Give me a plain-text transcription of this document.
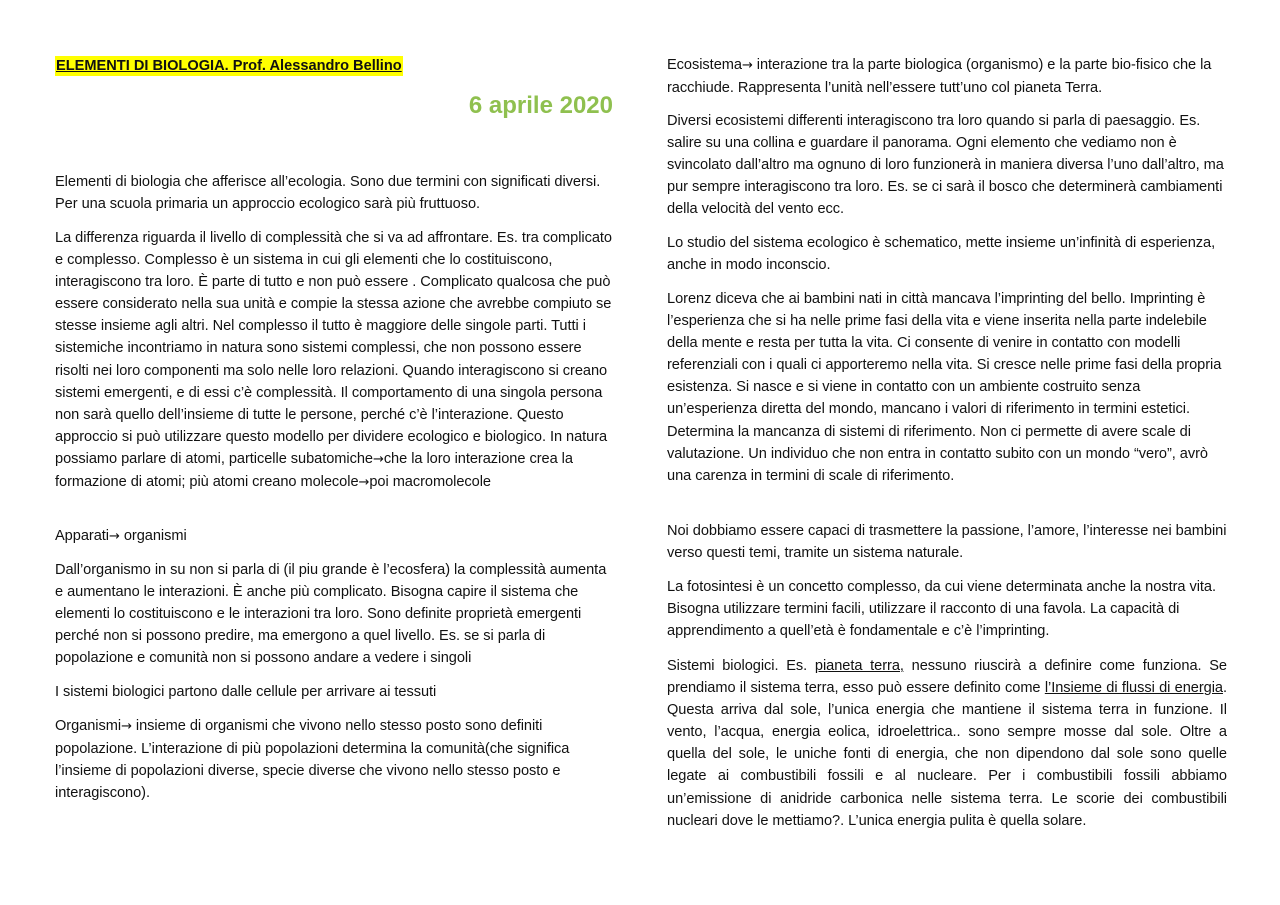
ELEMENTI DI BIOLOGIA. Prof. Alessandro Bellino
6 aprile 2020

Elementi di biologia che afferisce all’ecologia. Sono due termini con significati diversi. Per una scuola primaria un approccio ecologico sarà più fruttuoso.

La differenza riguarda il livello di complessità che si va ad affrontare. Es. tra complicato e complesso. Complesso è un sistema in cui gli elementi che lo costituiscono, interagiscono tra loro. È parte di tutto e non può essere . Complicato qualcosa che può essere considerato nella sua unità e compie la stessa azione che avrebbe compiuto se stesse insieme agli altri. Nel complesso il tutto è maggiore delle singole parti. Tutti i sistemiche incontriamo in natura sono sistemi complessi, che non possono essere risolti nei loro componenti ma solo nelle loro relazioni. Quando interagiscono si creano sistemi emergenti, e di essi c’è complessità. Il comportamento di una singola persona non sarà quello dell’insieme di tutte le persone, perché c’è l’interazione. Questo approccio si può utilizzare questo modello per dividere ecologico e biologico. In natura possiamo parlare di atomi, particelle subatomiche→che la loro interazione crea la formazione di atomi; più atomi creano molecole→poi macromolecole

Apparati→ organismi

Dall’organismo in su non si parla di (il piu grande è l’ecosfera) la complessità aumenta e aumentano le interazioni. È anche più complicato. Bisogna capire il sistema che elementi lo costituiscono e le interazioni tra loro. Sono definite proprietà emergenti perché non si possono predire, ma emergono a quel livello. Es. se si parla di popolazione e comunità non si possono andare a vedere i singoli

I sistemi biologici partono dalle cellule per arrivare ai tessuti

Organismi→ insieme di organismi che vivono nello stesso posto sono definiti popolazione. L’interazione di più popolazioni determina la comunità(che significa l’insieme di popolazioni diverse, specie diverse che vivono nello stesso posto e interagiscono).

Ecosistema→ interazione tra la parte biologica (organismo) e la parte bio-fisico che la racchiude. Rappresenta l’unità nell’essere tutt’uno col pianeta Terra.

Diversi ecosistemi differenti interagiscono tra loro quando si parla di paesaggio. Es. salire su una collina e guardare il panorama. Ogni elemento che vediamo non è svincolato dall’altro ma ognuno di loro funzionerà in maniera diversa l’uno dall’altro, ma pur sempre interagiscono tra loro. Es. se ci sarà il bosco che determinerà cambiamenti della velocità del vento ecc.

Lo studio del sistema ecologico è schematico, mette insieme un’infinità di esperienza, anche in modo inconscio.

Lorenz diceva che ai bambini nati in città mancava l’imprinting del bello. Imprinting è l’esperienza che si ha nelle prime fasi della vita e viene inserita nella parte indelebile della mente e resta per tutta la vita. Ci consente di venire in contatto con modelli referenziali con i quali ci apporteremo nella vita. Si cresce nelle prime fasi della propria esistenza. Si nasce e si viene in contatto con un ambiente costruito senza un’esperienza diretta del mondo, mancano i valori di riferimento in termini estetici. Determina la mancanza di sistemi di riferimento. Non ci permette di avere scale di valutazione. Un individuo che non entra in contatto subito con un mondo “vero”, avrò una carenza in termini di scale di riferimento.

Noi dobbiamo essere capaci di trasmettere la passione, l’amore, l’interesse nei bambini verso questi temi, tramite un sistema naturale.

La fotosintesi è un concetto complesso, da cui viene determinata anche la nostra vita. Bisogna utilizzare termini facili, utilizzare il racconto di una favola. La capacità di apprendimento a quell’età è fondamentale e c’è l’imprinting.

Sistemi biologici. Es. pianeta terra, nessuno riuscirà a definire come funziona. Se prendiamo il sistema terra, esso può essere definito come l’Insieme di flussi di energia. Questa arriva dal sole, l’unica energia che mantiene il sistema terra in funzione. Il vento, l’acqua, energia eolica, idroelettrica.. sono sempre mosse dal sole. Oltre a quella del sole, le uniche fonti di energia, che non dipendono dal sole sono quelle legate ai combustibili fossili e al nucleare. Per i combustibili fossili abbiamo un’emissione di anidride carbonica nelle sistema terra. Le scorie dei combustibili nucleari dove le mettiamo?. L’unica energia pulita è quella solare.
